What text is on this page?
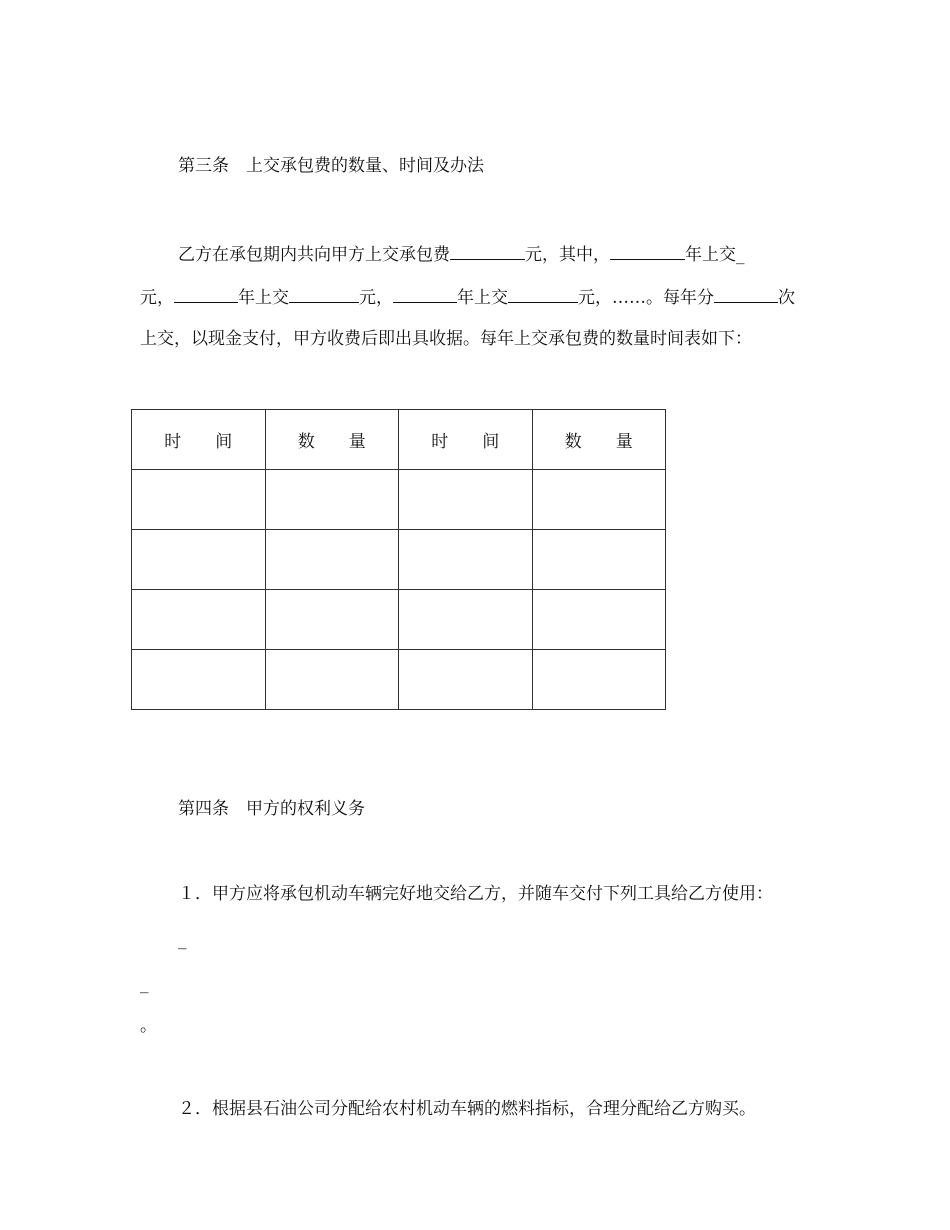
第三条　上交承包费的数量、时间及办法

乙方在承包期内共向甲方上交承包费	元，其中，	年上交_

元，	年上交	元，	年上交	元，……。每年分	次

上交，以现金支付，甲方收费后即出具收据。每年上交承包费的数量时间表如下：

时　　间	数　　量	时　　间	数　　量

第四条　甲方的权利义务

１．甲方应将承包机动车辆完好地交给乙方，并随车交付下列工具给乙方使用：

_

_

。

２．根据县石油公司分配给农村机动车辆的燃料指标，合理分配给乙方购买。
